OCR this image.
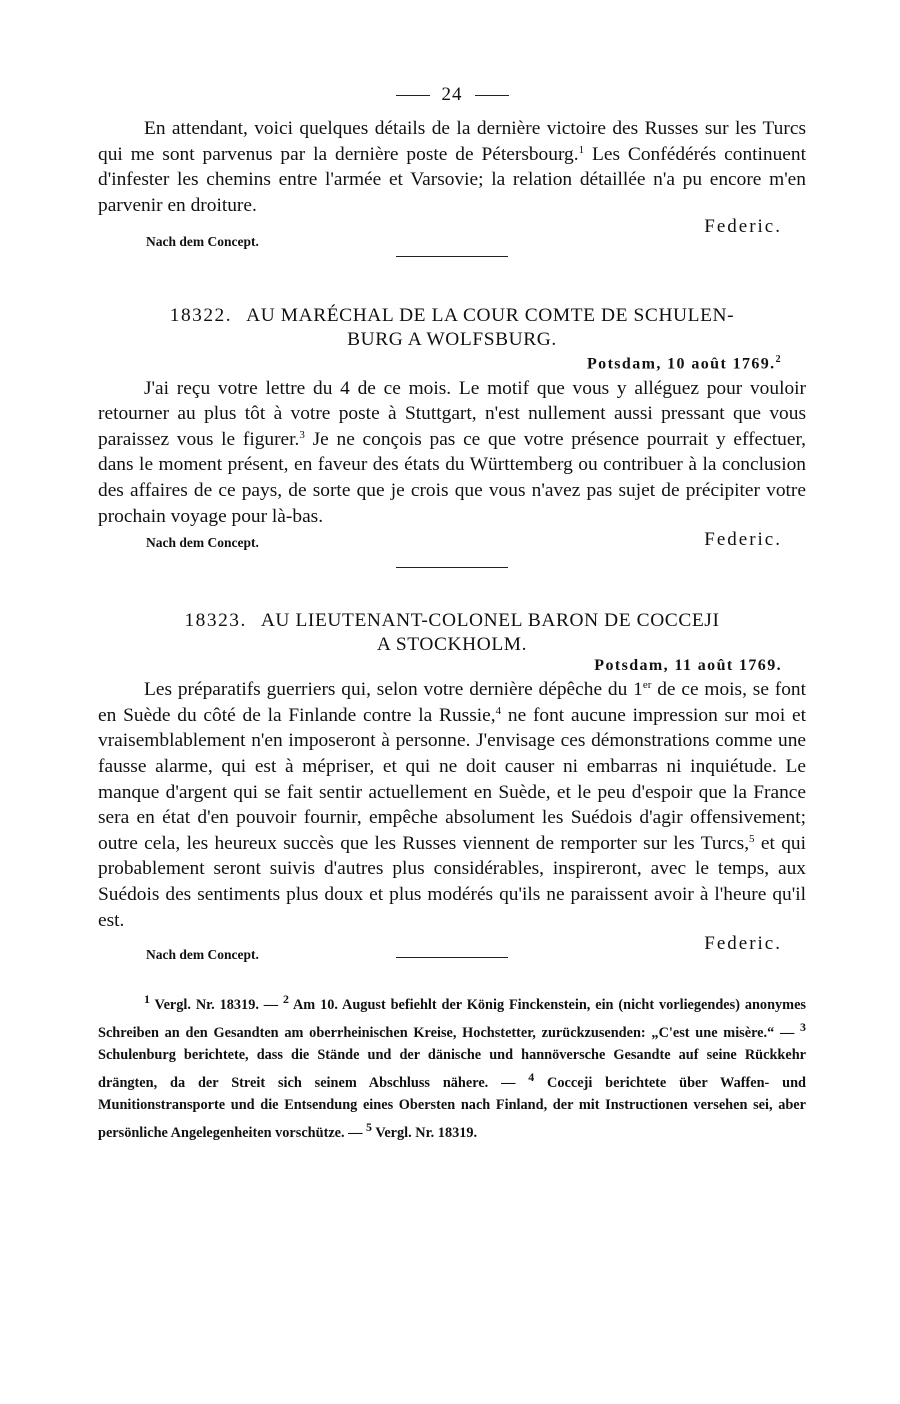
24

En attendant, voici quelques détails de la dernière victoire des Russes sur les Turcs qui me sont parvenus par la dernière poste de Pétersbourg.$^1$ Les Confédérés continuent d'infester les chemins entre l'armée et Varsovie; la relation détaillée n'a pu encore m'en parvenir en droiture.

Nach dem Concept.
Federic.

18322. AU MARÉCHAL DE LA COUR COMTE DE SCHULEN-

BURG A WOLFSBURG.

Potsdam, 10 août 1769.$^2$

J'ai reçu votre lettre du 4 de ce mois. Le motif que vous y alléguez pour vouloir retourner au plus tôt à votre poste à Stuttgart, n'est nullement aussi pressant que vous paraissez vous le figurer.$^3$ Je ne conçois pas ce que votre présence pourrait y effectuer, dans le moment présent, en faveur des états du Württemberg ou contribuer à la conclusion des affaires de ce pays, de sorte que je crois que vous n'avez pas sujet de précipiter votre prochain voyage pour là-bas.

Nach dem Concept.	Federic.

18323. AU LIEUTENANT-COLONEL BARON DE COCCEJI

A STOCKHOLM.

Potsdam, 11 août 1769.

Les préparatifs guerriers qui, selon votre dernière dépêche du 1er de ce mois, se font en Suède du côté de la Finlande contre la Russie,$^4$ ne font aucune impression sur moi et vraisemblablement n'en imposeront à personne. J'envisage ces démonstrations comme une fausse alarme, qui est à mépriser, et qui ne doit causer ni embarras ni inquiétude. Le manque d'argent qui se fait sentir actuellement en Suède, et le peu d'espoir que la France sera en état d'en pouvoir fournir, empêche absolument les Suédois d'agir offensivement; outre cela, les heureux succès que les Russes viennent de remporter sur les Turcs,$^5$ et qui probablement seront suivis d'autres plus considérables, inspireront, avec le temps, aux Suédois des sentiments plus doux et plus modérés qu'ils ne paraissent avoir à l'heure qu'il est.

Nach dem Concept.
Federic.

$^1$ Vergl. Nr. 18319. — $^2$ Am 10. August befiehlt der König Finckenstein, ein (nicht vorliegendes) anonymes Schreiben an den Gesandten am oberrheinischen Kreise, Hochstetter, zurückzusenden: „C'est une misère.“ — $^3$ Schulenburg berichtete, dass die Stände und der dänische und hannöversche Gesandte auf seine Rückkehr drängten, da der Streit sich seinem Abschluss nähere. — $^4$ Cocceji berichtete über Waffen- und Munitionstransporte und die Entsendung eines Obersten nach Finland, der mit Instructionen versehen sei, aber persönliche Angelegenheiten vorschütze. — $^5$ Vergl. Nr. 18319.
